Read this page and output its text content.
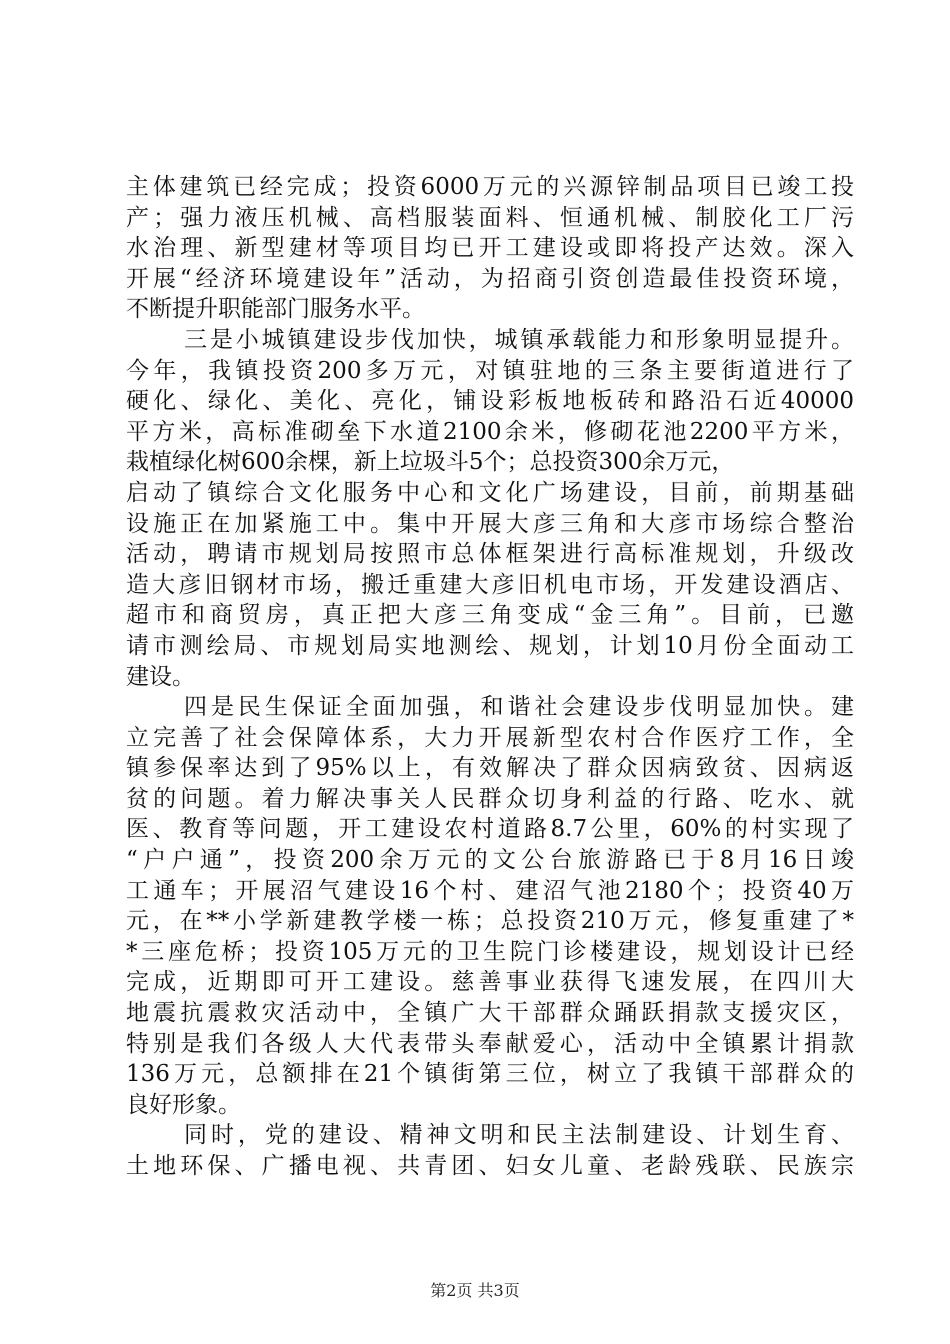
主体建筑已经完成；投资6000万元的兴源锌制品项目已竣工投
产；强力液压机械、高档服装面料、恒通机械、制胶化工厂污
水治理、新型建材等项目均已开工建设或即将投产达效。深入
开展“经济环境建设年”活动，为招商引资创造最佳投资环境，
不断提升职能部门服务水平。
三是小城镇建设步伐加快，城镇承载能力和形象明显提升。
今年，我镇投资200多万元，对镇驻地的三条主要街道进行了
硬化、绿化、美化、亮化，铺设彩板地板砖和路沿石近40000
平方米，高标准砌垒下水道2100余米，修砌花池2200平方米，
栽植绿化树600余棵，新上垃圾斗5个；总投资300余万元，
启动了镇综合文化服务中心和文化广场建设，目前，前期基础
设施正在加紧施工中。集中开展大彦三角和大彦市场综合整治
活动，聘请市规划局按照市总体框架进行高标准规划，升级改
造大彦旧钢材市场，搬迁重建大彦旧机电市场，开发建设酒店、
超市和商贸房，真正把大彦三角变成“金三角”。目前，已邀
请市测绘局、市规划局实地测绘、规划，计划10月份全面动工
建设。
四是民生保证全面加强，和谐社会建设步伐明显加快。建
立完善了社会保障体系，大力开展新型农村合作医疗工作，全
镇参保率达到了95%以上，有效解决了群众因病致贫、因病返
贫的问题。着力解决事关人民群众切身利益的行路、吃水、就
医、教育等问题，开工建设农村道路8.7公里，60%的村实现了
“户户通”，投资200余万元的文公台旅游路已于8月16日竣
工通车；开展沼气建设16个村、建沼气池2180个；投资40万
元，在**小学新建教学楼一栋；总投资210万元，修复重建了*
*三座危桥；投资105万元的卫生院门诊楼建设，规划设计已经
完成，近期即可开工建设。慈善事业获得飞速发展，在四川大
地震抗震救灾活动中，全镇广大干部群众踊跃捐款支援灾区，
特别是我们各级人大代表带头奉献爱心，活动中全镇累计捐款
136万元，总额排在21个镇街第三位，树立了我镇干部群众的
良好形象。
同时，党的建设、精神文明和民主法制建设、计划生育、
土地环保、广播电视、共青团、妇女儿童、老龄残联、民族宗
第2页 共3页
